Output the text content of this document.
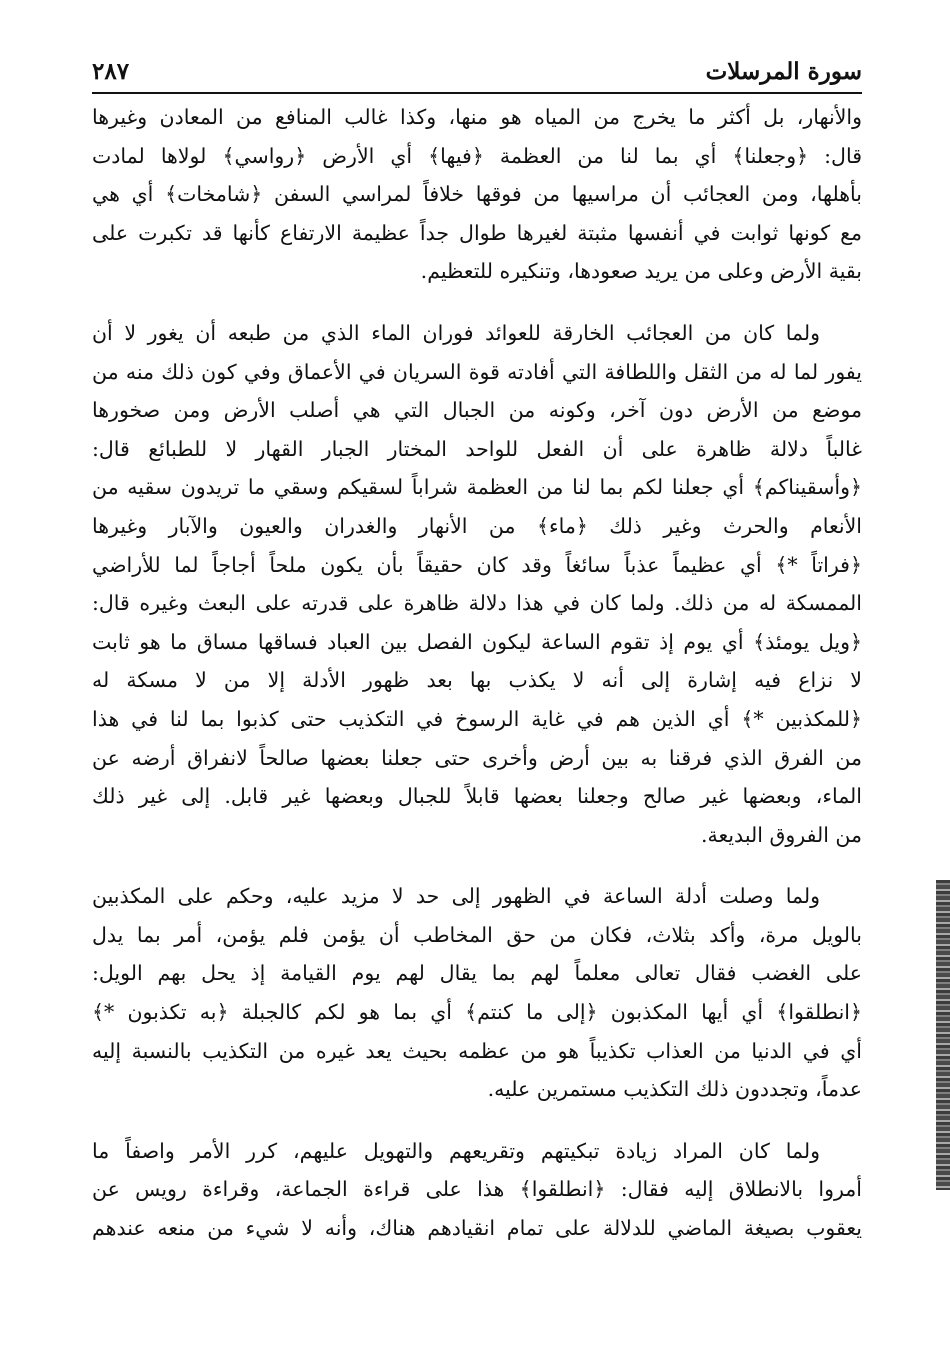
سورة المرسلات
٢٨٧
والأنهار، بل أكثر ما يخرج من المياه هو منها، وكذا غالب المنافع من المعادن وغيرها
قال: ﴿وجعلنا﴾ أي بما لنا من العظمة ﴿فيها﴾ أي الأرض ﴿رواسي﴾ لولاها لمادت
بأهلها، ومن العجائب أن مراسيها من فوقها خلافاً لمراسي السفن ﴿شامخات﴾ أي هي
مع كونها ثوابت في أنفسها مثبتة لغيرها طوال جداً عظيمة الارتفاع كأنها قد تكبرت على
بقية الأرض وعلى من يريد صعودها، وتنكيره للتعظيم.
ولما كان من العجائب الخارقة للعوائد فوران الماء الذي من طبعه أن يغور لا أن
يفور لما له من الثقل واللطافة التي أفادته قوة السريان في الأعماق وفي كون ذلك منه من
موضع من الأرض دون آخر، وكونه من الجبال التي هي أصلب الأرض ومن صخورها
غالباً دلالة ظاهرة على أن الفعل للواحد المختار الجبار القهار لا للطبائع قال:
﴿وأسقيناكم﴾ أي جعلنا لكم بما لنا من العظمة شراباً لسقيكم وسقي ما تريدون سقيه من
الأنعام والحرث وغير ذلك ﴿ماء﴾ من الأنهار والغدران والعيون والآبار وغيرها
﴿فراتاً *﴾ أي عظيماً عذباً سائغاً وقد كان حقيقاً بأن يكون ملحاً أجاجاً لما للأراضي
الممسكة له من ذلك. ولما كان في هذا دلالة ظاهرة على قدرته على البعث وغيره قال:
﴿ويل يومئذ﴾ أي يوم إذ تقوم الساعة ليكون الفصل بين العباد فساقها مساق ما هو ثابت
لا نزاع فيه إشارة إلى أنه لا يكذب بها بعد ظهور الأدلة إلا من لا مسكة له
﴿للمكذبين *﴾ أي الذين هم في غاية الرسوخ في التكذيب حتى كذبوا بما لنا في هذا
من الفرق الذي فرقنا به بين أرض وأخرى حتى جعلنا بعضها صالحاً لانفراق أرضه عن
الماء، وبعضها غير صالح وجعلنا بعضها قابلاً للجبال وبعضها غير قابل. إلى غير ذلك
من الفروق البديعة.
ولما وصلت أدلة الساعة في الظهور إلى حد لا مزيد عليه، وحكم على المكذبين
بالويل مرة، وأكد بثلاث، فكان من حق المخاطب أن يؤمن فلم يؤمن، أمر بما يدل
على الغضب فقال تعالى معلماً لهم بما يقال لهم يوم القيامة إذ يحل بهم الويل:
﴿انطلقوا﴾ أي أيها المكذبون ﴿إلى ما كنتم﴾ أي بما هو لكم كالجبلة ﴿به تكذبون *﴾
أي في الدنيا من العذاب تكذيباً هو من عظمه بحيث يعد غيره من التكذيب بالنسبة إليه
عدماً، وتجددون ذلك التكذيب مستمرين عليه.
ولما كان المراد زيادة تبكيتهم وتقريعهم والتهويل عليهم، كرر الأمر واصفاً ما
أمروا بالانطلاق إليه فقال: ﴿انطلقوا﴾ هذا على قراءة الجماعة، وقراءة رويس عن
يعقوب بصيغة الماضي للدلالة على تمام انقيادهم هناك، وأنه لا شيء من منعه عندهم
